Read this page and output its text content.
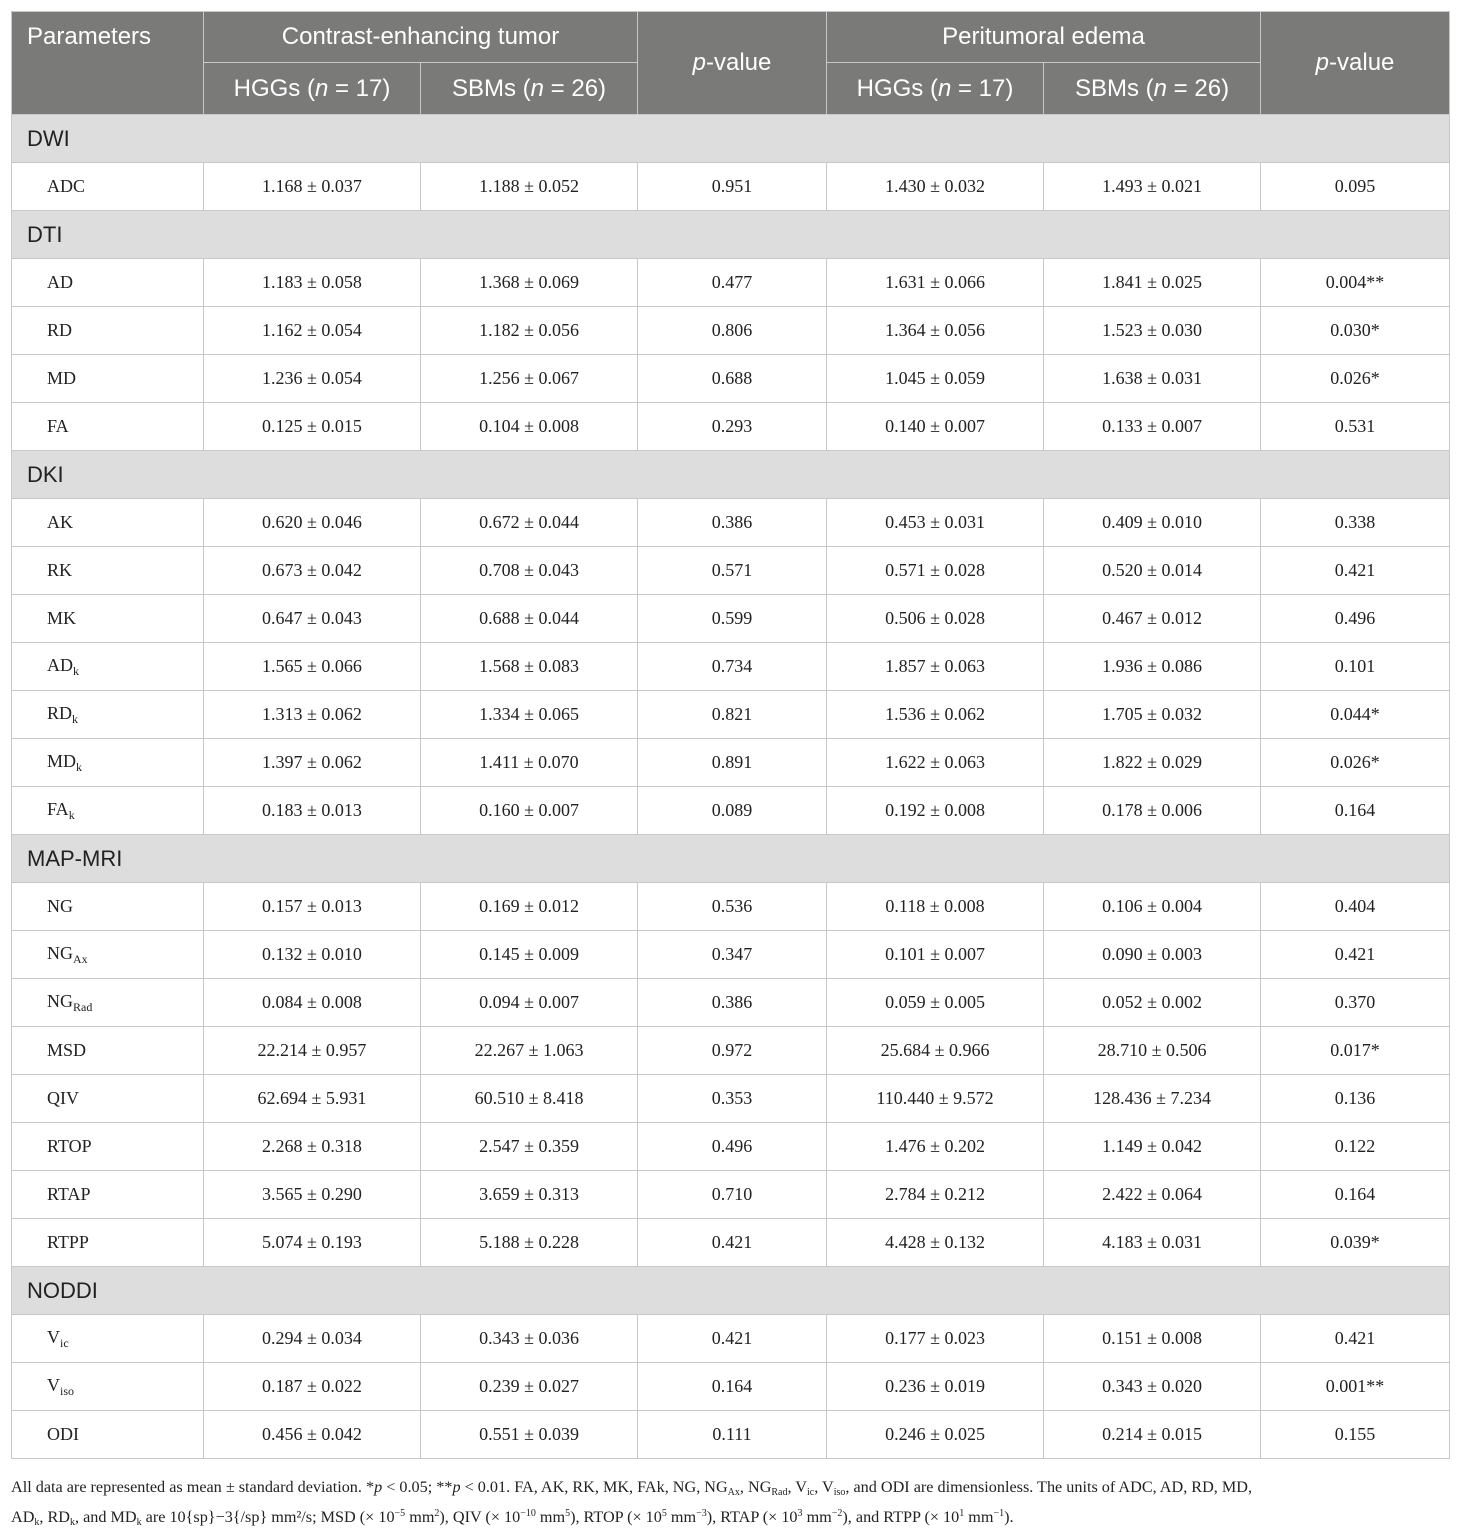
Parameters	Contrast-enhancing tumor		p-value	Peritumoral edema		p-value
	HGGs (n = 17)	SBMs (n = 26)		HGGs (n = 17)	SBMs (n = 26)	
DWI						
ADC	1.168 ± 0.037	1.188 ± 0.052	0.951	1.430 ± 0.032	1.493 ± 0.021	0.095
DTI						
AD	1.183 ± 0.058	1.368 ± 0.069	0.477	1.631 ± 0.066	1.841 ± 0.025	0.004**
RD	1.162 ± 0.054	1.182 ± 0.056	0.806	1.364 ± 0.056	1.523 ± 0.030	0.030*
MD	1.236 ± 0.054	1.256 ± 0.067	0.688	1.045 ± 0.059	1.638 ± 0.031	0.026*
FA	0.125 ± 0.015	0.104 ± 0.008	0.293	0.140 ± 0.007	0.133 ± 0.007	0.531
DKI						
AK	0.620 ± 0.046	0.672 ± 0.044	0.386	0.453 ± 0.031	0.409 ± 0.010	0.338
RK	0.673 ± 0.042	0.708 ± 0.043	0.571	0.571 ± 0.028	0.520 ± 0.014	0.421
MK	0.647 ± 0.043	0.688 ± 0.044	0.599	0.506 ± 0.028	0.467 ± 0.012	0.496
$AD_k$	1.565 ± 0.066	1.568 ± 0.083	0.734	1.857 ± 0.063	1.936 ± 0.086	0.101
$RD_k$	1.313 ± 0.062	1.334 ± 0.065	0.821	1.536 ± 0.062	1.705 ± 0.032	0.044*
$MD_k$	1.397 ± 0.062	1.411 ± 0.070	0.891	1.622 ± 0.063	1.822 ± 0.029	0.026*
$FA_k$	0.183 ± 0.013	0.160 ± 0.007	0.089	0.192 ± 0.008	0.178 ± 0.006	0.164
MAP-MRI						
NG	0.157 ± 0.013	0.169 ± 0.012	0.536	0.118 ± 0.008	0.106 ± 0.004	0.404
$NG_{Ax}$	0.132 ± 0.010	0.145 ± 0.009	0.347	0.101 ± 0.007	0.090 ± 0.003	0.421
$NG_{Rad}$	0.084 ± 0.008	0.094 ± 0.007	0.386	0.059 ± 0.005	0.052 ± 0.002	0.370
MSD	22.214 ± 0.957	22.267 ± 1.063	0.972	25.684 ± 0.966	28.710 ± 0.506	0.017*
QIV	62.694 ± 5.931	60.510 ± 8.418	0.353	110.440 ± 9.572	128.436 ± 7.234	0.136
RTOP	2.268 ± 0.318	2.547 ± 0.359	0.496	1.476 ± 0.202	1.149 ± 0.042	0.122
RTAP	3.565 ± 0.290	3.659 ± 0.313	0.710	2.784 ± 0.212	2.422 ± 0.064	0.164
RTPP	5.074 ± 0.193	5.188 ± 0.228	0.421	4.428 ± 0.132	4.183 ± 0.031	0.039*
NODDI						
$V_{ic}$	0.294 ± 0.034	0.343 ± 0.036	0.421	0.177 ± 0.023	0.151 ± 0.008	0.421
$V_{iso}$	0.187 ± 0.022	0.239 ± 0.027	0.164	0.236 ± 0.019	0.343 ± 0.020	0.001**
ODI	0.456 ± 0.042	0.551 ± 0.039	0.111	0.246 ± 0.025	0.214 ± 0.015	0.155
All data are represented as mean ± standard deviation. *p < 0.05; **p < 0.01. FA, AK, RK, MK, FAk, NG, $NG_{Ax}$, $NG_{Rad}$, $V_{ic}$, $V_{iso}$, and ODI are dimensionless. The units of ADC, AD, RD, MD,
$AD_k$, $RD_k$, and $MD_k$ are 10{sp}−3{/sp} mm²/s; MSD (× $10^{-5}$ $mm^2$), QIV (× $10^{-10}$ $mm^5$), RTOP (× $10^5$ $mm^{-3}$), RTAP (× $10^3$ $mm^{-2}$), and RTPP (× $10^1$ $mm^{-1}$).
